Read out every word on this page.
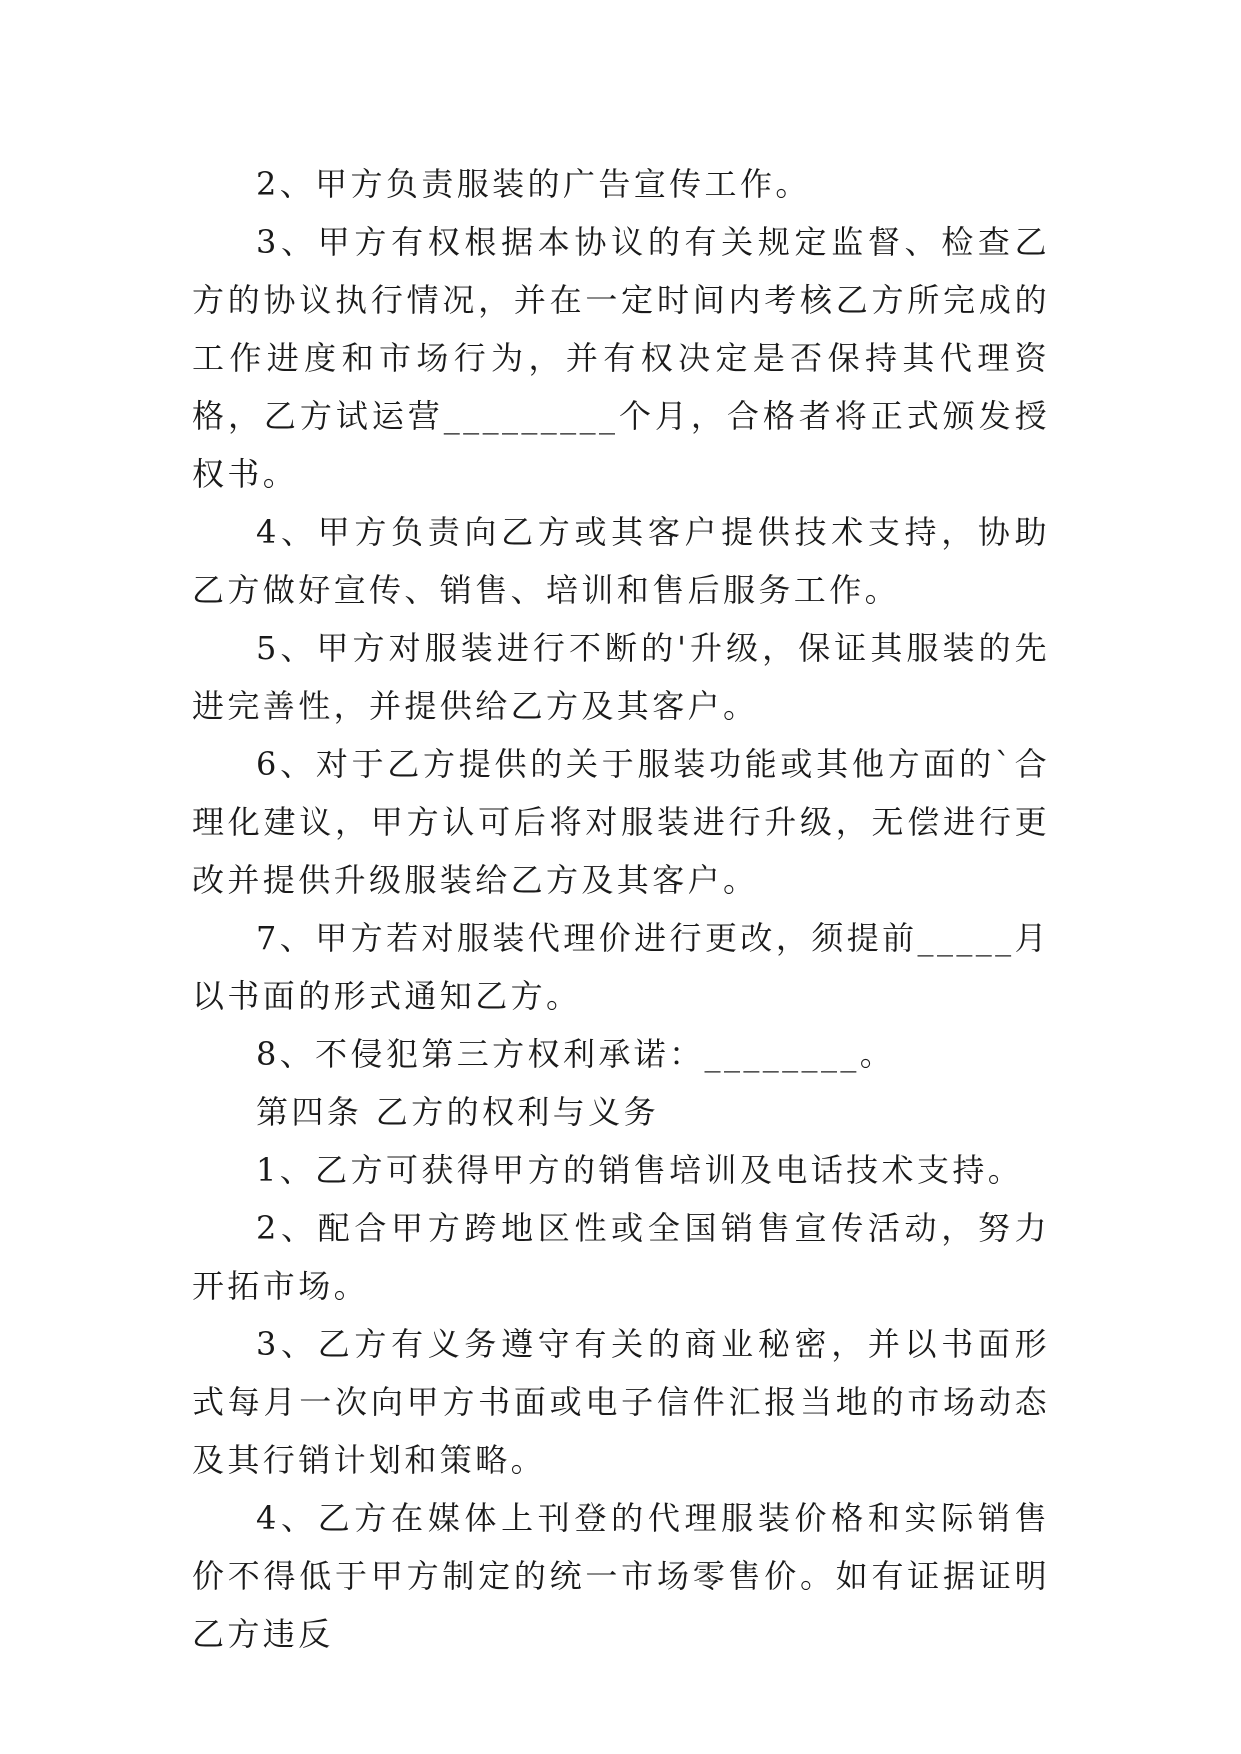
2、甲方负责服装的广告宣传工作。

3、甲方有权根据本协议的有关规定监督、检查乙方的协议执行情况，并在一定时间内考核乙方所完成的工作进度和市场行为，并有权决定是否保持其代理资格，乙方试运营_________个月，合格者将正式颁发授权书。

4、甲方负责向乙方或其客户提供技术支持，协助乙方做好宣传、销售、培训和售后服务工作。

5、甲方对服装进行不断的'升级，保证其服装的先进完善性，并提供给乙方及其客户。

6、对于乙方提供的关于服装功能或其他方面的`合理化建议，甲方认可后将对服装进行升级，无偿进行更改并提供升级服装给乙方及其客户。

7、甲方若对服装代理价进行更改，须提前_____月以书面的形式通知乙方。

8、不侵犯第三方权利承诺：________。

第四条 乙方的权利与义务

1、乙方可获得甲方的销售培训及电话技术支持。

2、配合甲方跨地区性或全国销售宣传活动，努力开拓市场。

3、乙方有义务遵守有关的商业秘密，并以书面形式每月一次向甲方书面或电子信件汇报当地的市场动态及其行销计划和策略。

4、乙方在媒体上刊登的代理服装价格和实际销售价不得低于甲方制定的统一市场零售价。如有证据证明乙方违反
